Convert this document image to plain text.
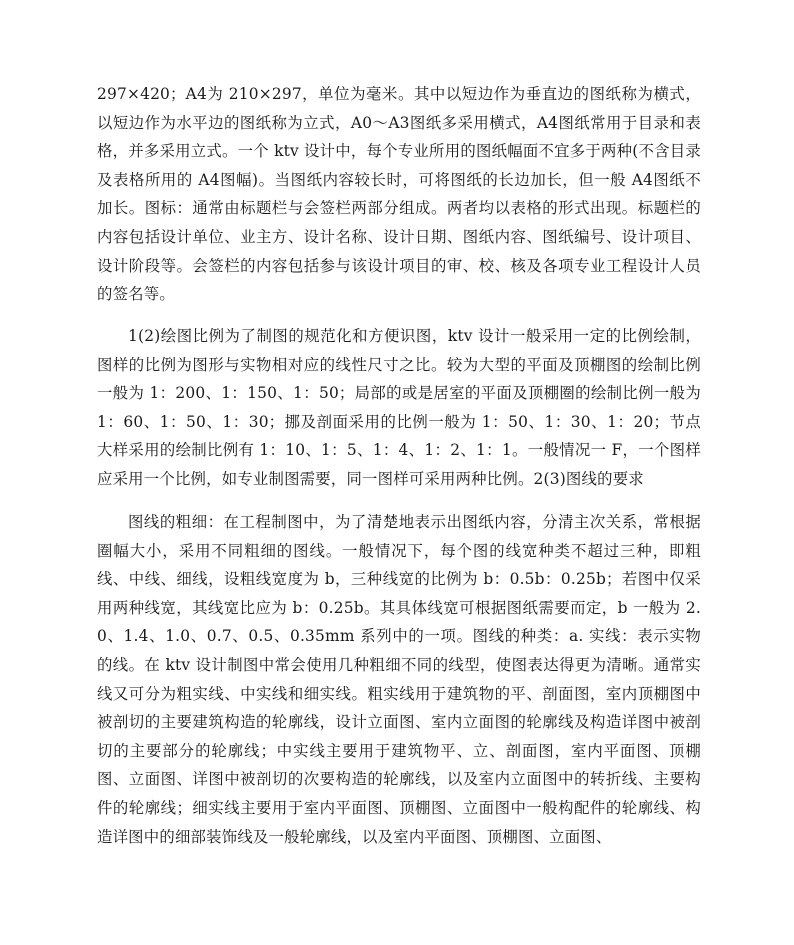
297×420；A4为 210×297，单位为毫米。其中以短边作为垂直边的图纸称为横式，以短边作为水平边的图纸称为立式，A0～A3图纸多采用横式，A4图纸常用于目录和表格，并多采用立式。一个 ktv 设计中，每个专业所用的图纸幅面不宜多于两种(不含目录及表格所用的 A4图幅)。当图纸内容较长时，可将图纸的长边加长，但一般 A4图纸不加长。图标：通常由标题栏与会签栏两部分组成。两者均以表格的形式出现。标题栏的内容包括设计单位、业主方、设计名称、设计日期、图纸内容、图纸编号、设计项目、设计阶段等。会签栏的内容包括参与该设计项目的审、校、核及各项专业工程设计人员的签名等。

1(2)绘图比例为了制图的规范化和方便识图，ktv 设计一般采用一定的比例绘制，图样的比例为图形与实物相对应的线性尺寸之比。较为大型的平面及顶棚图的绘制比例一般为 1：200、1：150、1：50；局部的或是居室的平面及顶棚圈的绘制比例一般为 1：60、1：50、1：30；挪及剖面采用的比例一般为 1：50、1：30、1：20；节点大样采用的绘制比例有 1：10、1：5、1：4、1：2、1：1。一般情况一 F，一个图样应采用一个比例，如专业制图需要，同一图样可采用两种比例。2(3)图线的要求

图线的粗细：在工程制图中，为了清楚地表示出图纸内容，分清主次关系，常根据圈幅大小，采用不同粗细的图线。一般情况下，每个图的线宽种类不超过三种，即粗线、中线、细线，设粗线宽度为 b，三种线宽的比例为 b：0.5b：0.25b；若图中仅采用两种线宽，其线宽比应为 b：0.25b。其具体线宽可根据图纸需要而定，b 一般为 2.0、1.4、1.0、0.7、0.5、0.35mm 系列中的一项。图线的种类：a. 实线：表示实物的线。在 ktv 设计制图中常会使用几种粗细不同的线型，使图表达得更为清晰。通常实线又可分为粗实线、中实线和细实线。粗实线用于建筑物的平、剖面图，室内顶棚图中被剖切的主要建筑构造的轮廓线，设计立面图、室内立面图的轮廓线及构造详图中被剖切的主要部分的轮廓线；中实线主要用于建筑物平、立、剖面图，室内平面图、顶棚图、立面图、详图中被剖切的次要构造的轮廓线，以及室内立面图中的转折线、主要构件的轮廓线；细实线主要用于室内平面图、顶棚图、立面图中一般构配件的轮廓线、构造详图中的细部装饰线及一般轮廓线，以及室内平面图、顶棚图、立面图、
